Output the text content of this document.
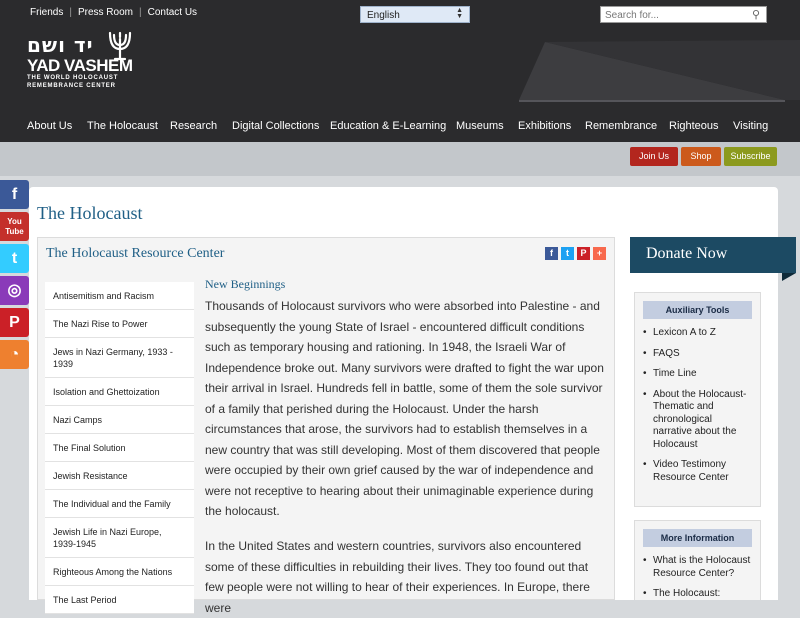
Friends | Press Room | Contact Us	English	▲
▼	Search for...	⚲
יד ושם
YAD VASHEM
THE WORLD HOLOCAUST
REMEMBRANCE CENTER
About Us The Holocaust Research Digital Collections Education & E-Learning Museums Exhibitions Remembrance Righteous Visiting
Join Us	Shop	Subscribe
f
You
Tube
t
◎
P
◔
The Holocaust
The Holocaust Resource Center	f	t	P	+
Antisemitism and Racism
The Nazi Rise to Power
Jews in Nazi Germany, 1933 - 1939
Isolation and Ghettoization
Nazi Camps
The Final Solution
Jewish Resistance
The Individual and the Family
Jewish Life in Nazi Europe, 1939-1945
Righteous Among the Nations
The Last Period
New Beginnings
Thousands of Holocaust survivors who were absorbed into Palestine - and subsequently the young State of Israel - encountered difficult conditions such as temporary housing and rationing. In 1948, the Israeli War of Independence broke out. Many survivors were drafted to fight the war upon their arrival in Israel. Hundreds fell in battle, some of them the sole survivor of a family that perished during the Holocaust. Under the harsh circumstances that arose, the survivors had to establish themselves in a new country that was still developing. Most of them discovered that people were occupied by their own grief caused by the war of independence and were not receptive to hearing about their unimaginable experience during the holocaust.
In the United States and western countries, survivors also encountered some of these difficulties in rebuilding their lives. They too found out that few people were not willing to hear of their experiences. In Europe, there were
Donate Now
Auxiliary Tools
• Lexicon A to Z
• FAQS
• Time Line
• About the Holocaust- Thematic and chronological narrative about the Holocaust
• Video Testimony Resource Center
More Information
• What is the Holocaust Resource Center?
• The Holocaust:
